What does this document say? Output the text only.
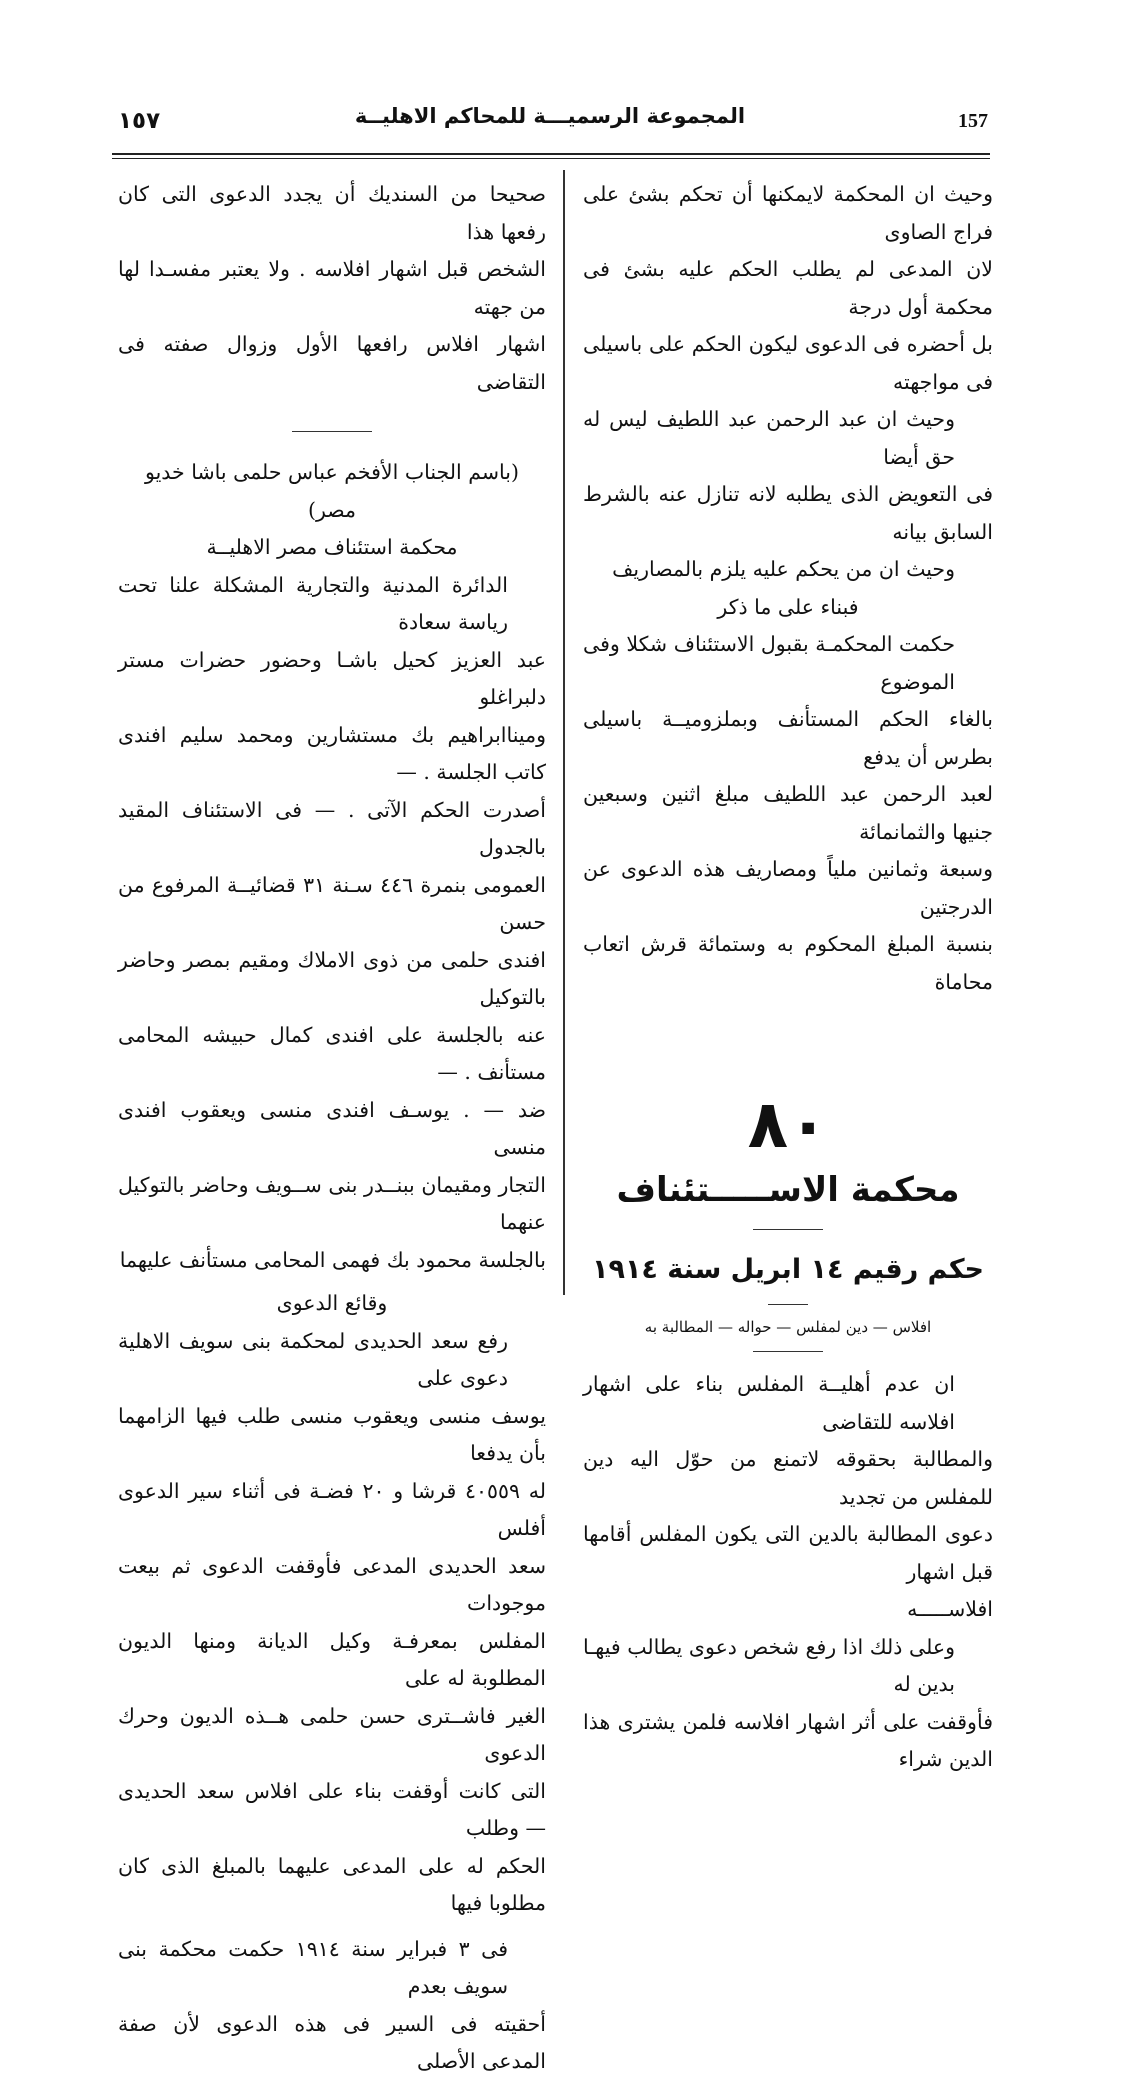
157
المجموعة الرسميـــة للمحاكم الاهليــة
١٥٧

وحيث ان المحكمة لايمكنها أن تحكم بشئ على فراج الصاوى

لان المدعى لم يطلب الحكم عليه بشئ فى محكمة أول درجة

بل أحضره فى الدعوى ليكون الحكم على باسيلى فى مواجهته

وحيث ان عبد الرحمن عبد اللطيف ليس له حق أيضا

فى التعويض الذى يطلبه لانه تنازل عنه بالشرط السابق بيانه

وحيث ان من يحكم عليه يلزم بالمصاريف

فبناء على ما ذكر

حكمت المحكمـة بقبول الاستئناف شكلا وفى الموضوع

بالغاء الحكم المستأنف وبملزوميــة باسيلى بطرس أن يدفع

لعبد الرحمن عبد اللطيف مبلغ اثنين وسبعين جنيها والثمانمائة

وسبعة وثمانين ملياً ومصاريف هذه الدعوى عن الدرجتين

بنسبة المبلغ المحكوم به وستمائة قرش اتعاب محاماة

٨٠
محكمة الاســـــتئناف
حكم رقيم ١٤ ابريل سنة ١٩١٤
افلاس — دين لمفلس — حواله — المطالبة به

ان عدم أهليــة المفلس بناء على اشهار افلاسه للتقاضى

والمطالبة بحقوقه لاتمنع من حوّل اليه دين للمفلس من تجديد

دعوى المطالبة بالدين التى يكون المفلس أقامها قبل اشهار

افلاســـــه

وعلى ذلك اذا رفع شخص دعوى يطالب فيهـا بدين له

فأوقفت على أثر اشهار افلاسه فلمن يشترى هذا الدين شراء

صحيحا من السنديك أن يجدد الدعوى التى كان رفعها هذا

الشخص قبل اشهار افلاسه . ولا يعتبر مفسـدا لها من جهته

اشهار افلاس رافعها الأول وزوال صفته فى التقاضى

(باسم الجناب الأفخم عباس حلمى باشا خديو مصر)

محكمة استئناف مصر الاهليــة

الدائرة المدنية والتجارية المشكلة علنا تحت رياسة سعادة

عبد العزيز كحيل باشـا وحضور حضرات مستر دلبراغلو

وميناابراهيم بك مستشارين ومحمد سليم افندى كاتب الجلسة . —

أصدرت الحكم الآتى . — فى الاستئناف المقيد بالجدول

العمومى بنمرة ٤٤٦ سـنة ٣١ قضائيــة المرفوع من حسن

افندى حلمى من ذوى الاملاك ومقيم بمصر وحاضر بالتوكيل

عنه بالجلسة على افندى كمال حبيشه المحامى مستأنف . —

ضد — . يوسـف افندى منسى ويعقوب افندى منسى

التجار ومقيمان ببنــدر بنى ســويف وحاضر بالتوكيل عنهما

بالجلسة محمود بك فهمى المحامى مستأنف عليهما

وقائع الدعوى

رفع سعد الحديدى لمحكمة بنى سويف الاهلية دعوى على

يوسف منسى ويعقوب منسى طلب فيها الزامهما بأن يدفعا

له ٤٠٥٥٩ قرشا و ٢٠ فضـة فى أثناء سير الدعوى أفلس

سعد الحديدى المدعى فأوقفت الدعوى ثم بيعت موجودات

المفلس بمعرفـة وكيل الديانة ومنها الديون المطلوبة له على

الغير فاشــترى حسن حلمى هــذه الديون وحرك الدعوى

التى كانت أوقفت بناء على افلاس سعد الحديدى — وطلب

الحكم له على المدعى عليهما بالمبلغ الذى كان مطلوبا فيها

فى ٣ فبراير سنة ١٩١٤ حكمت محكمة بنى سويف بعدم

أحقيته فى السير فى هذه الدعوى لأن صفة المدعى الأصلى
